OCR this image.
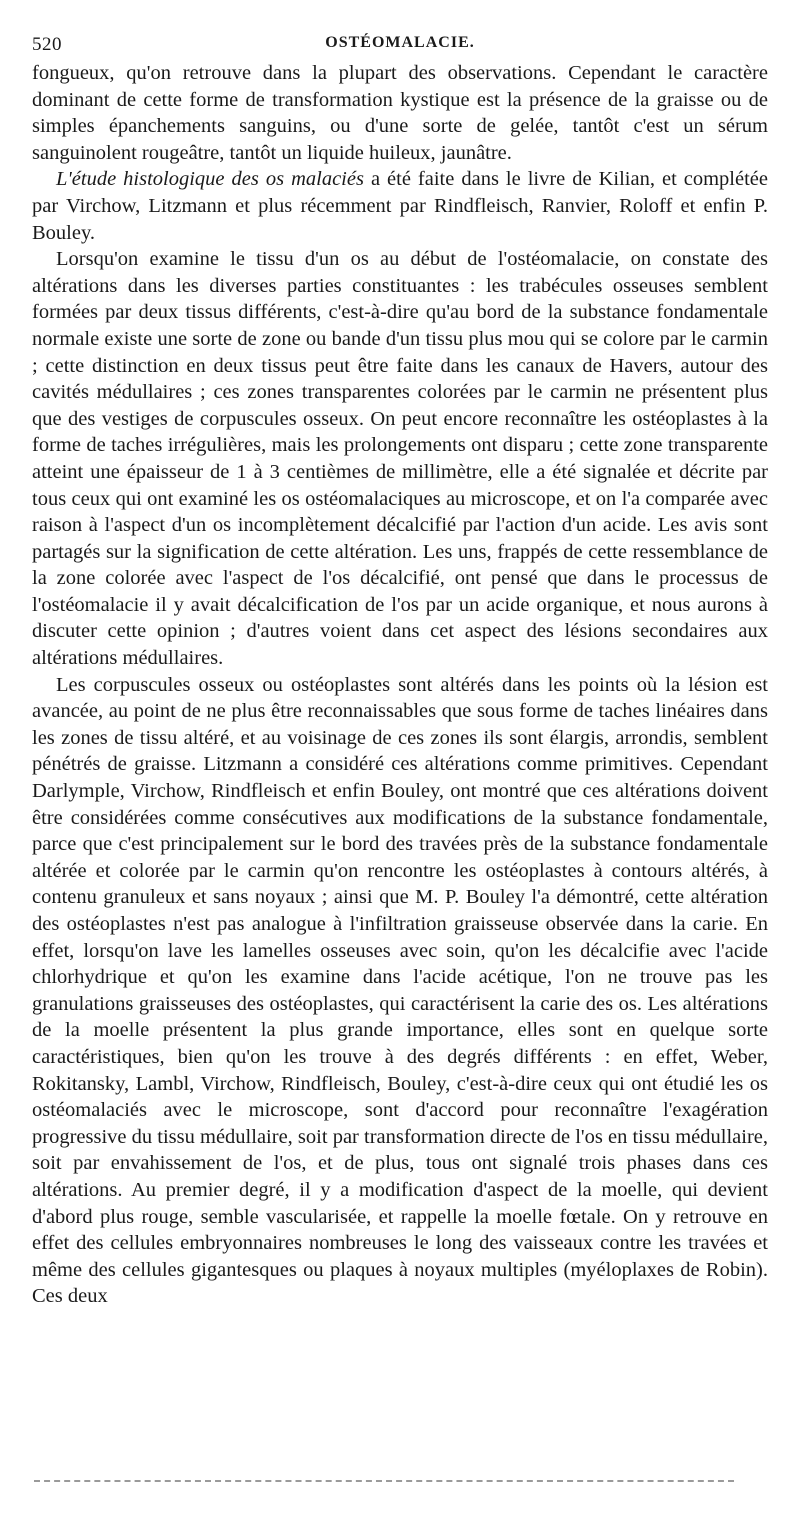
520	OSTÉOMALACIE.

fongueux, qu'on retrouve dans la plupart des observations. Cependant le caractère dominant de cette forme de transformation kystique est la présence de la graisse ou de simples épanchements sanguins, ou d'une sorte de gelée, tantôt c'est un sérum sanguinolent rougeâtre, tantôt un liquide huileux, jaunâtre.

L'étude histologique des os malaciés a été faite dans le livre de Kilian, et complétée par Virchow, Litzmann et plus récemment par Rindfleisch, Ranvier, Roloff et enfin P. Bouley.

Lorsqu'on examine le tissu d'un os au début de l'ostéomalacie, on constate des altérations dans les diverses parties constituantes : les trabécules osseuses semblent formées par deux tissus différents, c'est-à-dire qu'au bord de la substance fondamentale normale existe une sorte de zone ou bande d'un tissu plus mou qui se colore par le carmin ; cette distinction en deux tissus peut être faite dans les canaux de Havers, autour des cavités médullaires ; ces zones transparentes colorées par le carmin ne présentent plus que des vestiges de corpuscules osseux. On peut encore reconnaître les ostéoplastes à la forme de taches irrégulières, mais les prolongements ont disparu ; cette zone transparente atteint une épaisseur de 1 à 3 centièmes de millimètre, elle a été signalée et décrite par tous ceux qui ont examiné les os ostéomalaciques au microscope, et on l'a comparée avec raison à l'aspect d'un os incomplètement décalcifié par l'action d'un acide. Les avis sont partagés sur la signification de cette altération. Les uns, frappés de cette ressemblance de la zone colorée avec l'aspect de l'os décalcifié, ont pensé que dans le processus de l'ostéomalacie il y avait décalcification de l'os par un acide organique, et nous aurons à discuter cette opinion ; d'autres voient dans cet aspect des lésions secondaires aux altérations médullaires.

Les corpuscules osseux ou ostéoplastes sont altérés dans les points où la lésion est avancée, au point de ne plus être reconnaissables que sous forme de taches linéaires dans les zones de tissu altéré, et au voisinage de ces zones ils sont élargis, arrondis, semblent pénétrés de graisse. Litzmann a considéré ces altérations comme primitives. Cependant Darlymple, Virchow, Rindfleisch et enfin Bouley, ont montré que ces altérations doivent être considérées comme consécutives aux modifications de la substance fondamentale, parce que c'est principalement sur le bord des travées près de la substance fondamentale altérée et colorée par le carmin qu'on rencontre les ostéoplastes à contours altérés, à contenu granuleux et sans noyaux ; ainsi que M. P. Bouley l'a démontré, cette altération des ostéoplastes n'est pas analogue à l'infiltration graisseuse observée dans la carie. En effet, lorsqu'on lave les lamelles osseuses avec soin, qu'on les décalcifie avec l'acide chlorhydrique et qu'on les examine dans l'acide acétique, l'on ne trouve pas les granulations graisseuses des ostéoplastes, qui caractérisent la carie des os. Les altérations de la moelle présentent la plus grande importance, elles sont en quelque sorte caractéristiques, bien qu'on les trouve à des degrés différents : en effet, Weber, Rokitansky, Lambl, Virchow, Rindfleisch, Bouley, c'est-à-dire ceux qui ont étudié les os ostéomalaciés avec le microscope, sont d'accord pour reconnaître l'exagération progressive du tissu médullaire, soit par transformation directe de l'os en tissu médullaire, soit par envahissement de l'os, et de plus, tous ont signalé trois phases dans ces altérations. Au premier degré, il y a modification d'aspect de la moelle, qui devient d'abord plus rouge, semble vascularisée, et rappelle la moelle fœtale. On y retrouve en effet des cellules embryonnaires nombreuses le long des vaisseaux contre les travées et même des cellules gigantesques ou plaques à noyaux multiples (myéloplaxes de Robin). Ces deux
